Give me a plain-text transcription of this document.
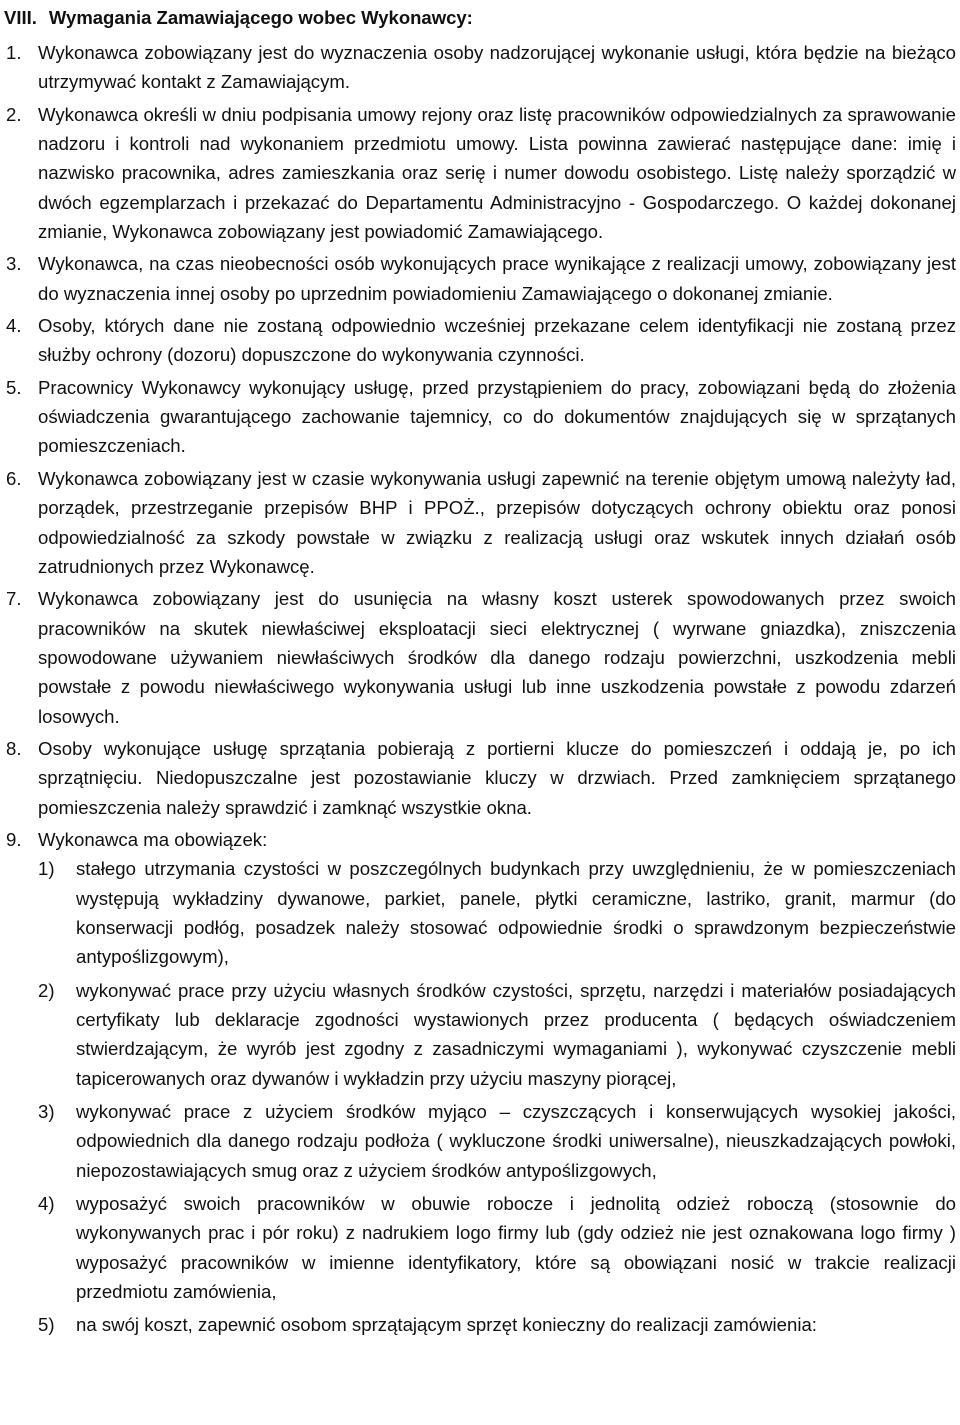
VIII. Wymagania Zamawiającego wobec Wykonawcy:
1. Wykonawca zobowiązany jest do wyznaczenia osoby nadzorującej wykonanie usługi, która będzie na bieżąco utrzymywać kontakt z Zamawiającym.
2. Wykonawca określi w dniu podpisania umowy rejony oraz listę pracowników odpowiedzialnych za sprawowanie nadzoru i kontroli nad wykonaniem przedmiotu umowy. Lista powinna zawierać następujące dane: imię i nazwisko pracownika, adres zamieszkania oraz serię i numer dowodu osobistego. Listę należy sporządzić w dwóch egzemplarzach i przekazać do Departamentu Administracyjno - Gospodarczego. O każdej dokonanej zmianie, Wykonawca zobowiązany jest powiadomić Zamawiającego.
3. Wykonawca, na czas nieobecności osób wykonujących prace wynikające z realizacji umowy, zobowiązany jest do wyznaczenia innej osoby po uprzednim powiadomieniu Zamawiającego o dokonanej zmianie.
4. Osoby, których dane nie zostaną odpowiednio wcześniej przekazane celem identyfikacji nie zostaną przez służby ochrony (dozoru) dopuszczone do wykonywania czynności.
5. Pracownicy Wykonawcy wykonujący usługę, przed przystąpieniem do pracy, zobowiązani będą do złożenia oświadczenia gwarantującego zachowanie tajemnicy, co do dokumentów znajdujących się w sprzątanych pomieszczeniach.
6. Wykonawca zobowiązany jest w czasie wykonywania usługi zapewnić na terenie objętym umową należyty ład, porządek, przestrzeganie przepisów BHP i PPOŻ., przepisów dotyczących ochrony obiektu oraz ponosi odpowiedzialność za szkody powstałe w związku z realizacją usługi oraz wskutek innych działań osób zatrudnionych przez Wykonawcę.
7. Wykonawca zobowiązany jest do usunięcia na własny koszt usterek spowodowanych przez swoich pracowników na skutek niewłaściwej eksploatacji sieci elektrycznej ( wyrwane gniazdka), zniszczenia spowodowane używaniem niewłaściwych środków dla danego rodzaju powierzchni, uszkodzenia mebli powstałe z powodu niewłaściwego wykonywania usługi lub inne uszkodzenia powstałe z powodu zdarzeń losowych.
8. Osoby wykonujące usługę sprzątania pobierają z portierni klucze do pomieszczeń i oddają je, po ich sprzątnięciu. Niedopuszczalne jest pozostawianie kluczy w drzwiach. Przed zamknięciem sprzątanego pomieszczenia należy sprawdzić i zamknąć wszystkie okna.
9. Wykonawca ma obowiązek:
1) stałego utrzymania czystości w poszczególnych budynkach przy uwzględnieniu, że w pomieszczeniach występują wykładziny dywanowe, parkiet, panele, płytki ceramiczne, lastriko, granit, marmur (do konserwacji podłóg, posadzek należy stosować odpowiednie środki o sprawdzonym bezpieczeństwie antypoślizgowym),
2) wykonywać prace przy użyciu własnych środków czystości, sprzętu, narzędzi i materiałów posiadających certyfikaty lub deklaracje zgodności wystawionych przez producenta ( będących oświadczeniem stwierdzającym, że wyrób jest zgodny z zasadniczymi wymaganiami ), wykonywać czyszczenie mebli tapicerowanych oraz dywanów i wykładzin przy użyciu maszyny piorącej,
3) wykonywać prace z użyciem środków myjąco – czyszczących i konserwujących wysokiej jakości, odpowiednich dla danego rodzaju podłoża ( wykluczone środki uniwersalne), nieuszkadzających powłoki, niepozostawiających smug oraz z użyciem środków antypoślizgowych,
4) wyposażyć swoich pracowników w obuwie robocze i jednolitą odzież roboczą (stosownie do wykonywanych prac i pór roku) z nadrukiem logo firmy lub (gdy odzież nie jest oznakowana logo firmy ) wyposażyć pracowników w imienne identyfikatory, które są obowiązani nosić w trakcie realizacji przedmiotu zamówienia,
5) na swój koszt, zapewnić osobom sprzątającym sprzęt konieczny do realizacji zamówienia:
